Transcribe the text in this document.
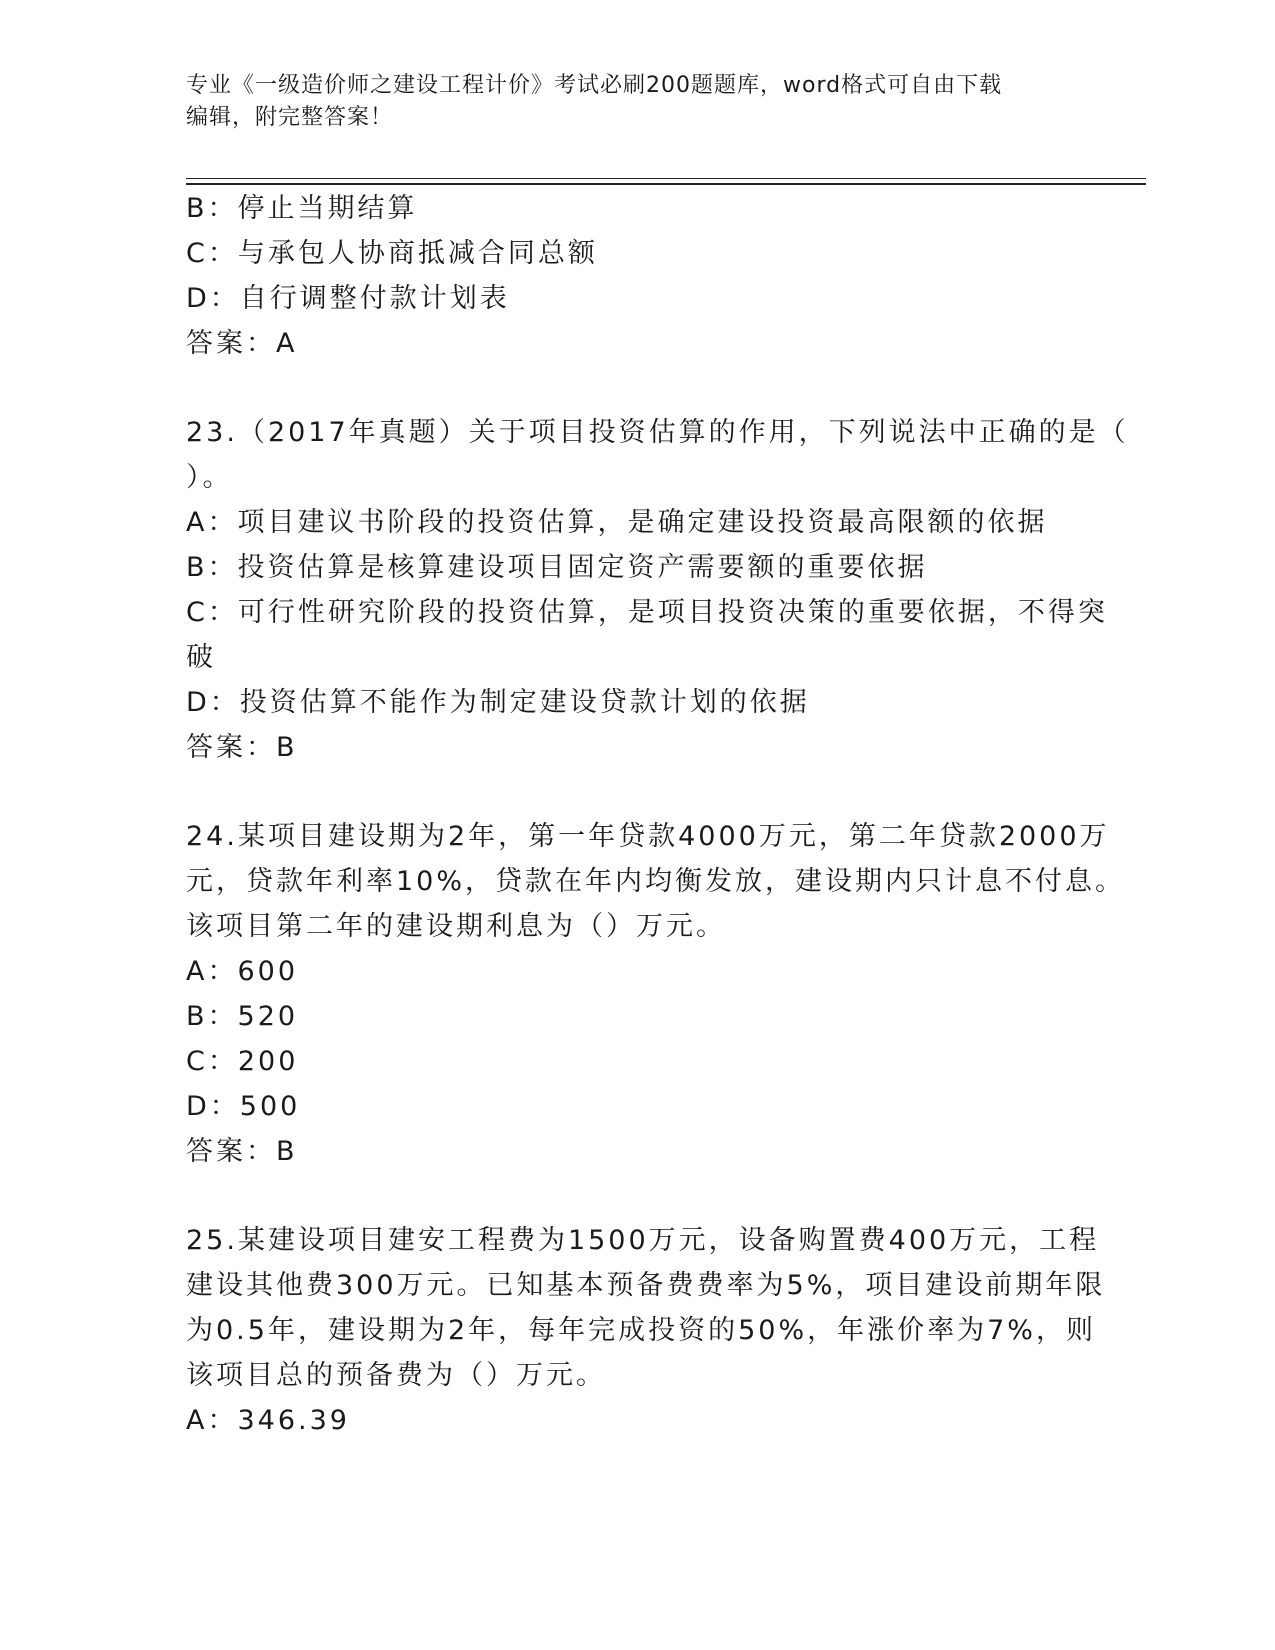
专业《一级造价师之建设工程计价》考试必刷200题题库，word格式可自由下载
编辑，附完整答案！
B：停止当期结算
C：与承包人协商抵减合同总额
D：自行调整付款计划表
答案：A
23.（2017年真题）关于项目投资估算的作用，下列说法中正确的是（
）。
A：项目建议书阶段的投资估算，是确定建设投资最高限额的依据
B：投资估算是核算建设项目固定资产需要额的重要依据
C：可行性研究阶段的投资估算，是项目投资决策的重要依据，不得突
破
D：投资估算不能作为制定建设贷款计划的依据
答案：B
24.某项目建设期为2年，第一年贷款4000万元，第二年贷款2000万
元，贷款年利率10%，贷款在年内均衡发放，建设期内只计息不付息。
该项目第二年的建设期利息为（）万元。
A：600
B：520
C：200
D：500
答案：B
25.某建设项目建安工程费为1500万元，设备购置费400万元，工程
建设其他费300万元。已知基本预备费费率为5%，项目建设前期年限
为0.5年，建设期为2年，每年完成投资的50%，年涨价率为7%，则
该项目总的预备费为（）万元。
A：346.39
